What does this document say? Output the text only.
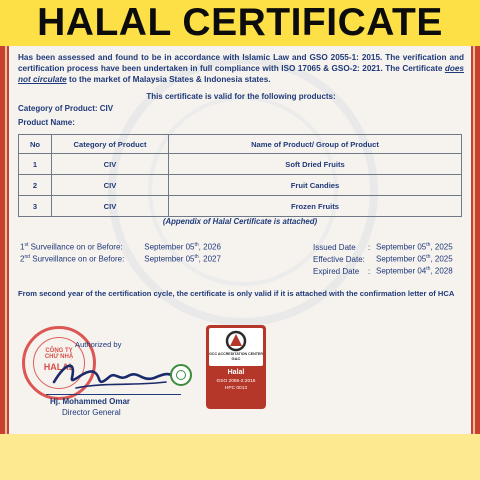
HALAL CERTIFICATE
Has been assessed and found to be in accordance with Islamic Law and GSO 2055-1: 2015. The verification and certification process have been undertaken in full compliance with ISO 17065 & GSO-2: 2021. The Certificate does not circulate to the market of Malaysia States & Indonesia states.
This certificate is valid for the following products:
Category of Product: CIV
Product Name:
No	Category of Product	Name of Product/ Group of Product
1	CIV	Soft Dried Fruits
2	CIV	Fruit Candies
3	CIV	Frozen Fruits
(Appendix of Halal Certificate is attached)
1st Surveillance on or Before:	September 05th, 2026
2nd Surveillance on or Before: September 05th, 2027
Issued Date : September 05th, 2025
Effective Date: September 05th, 2025
Expired Date : September 04th, 2028
From second year of the certification cycle, the certificate is only valid if it is attached with the confirmation letter of HCA
CÔNG TY
CHỨ NHẬ
HALAL
Authorized by
Hj. Mohammed Omar
Director General
GCC ACCREDITATION CENTER
GAC
Halal
GSO 2055-2:2015
HPC 0013
